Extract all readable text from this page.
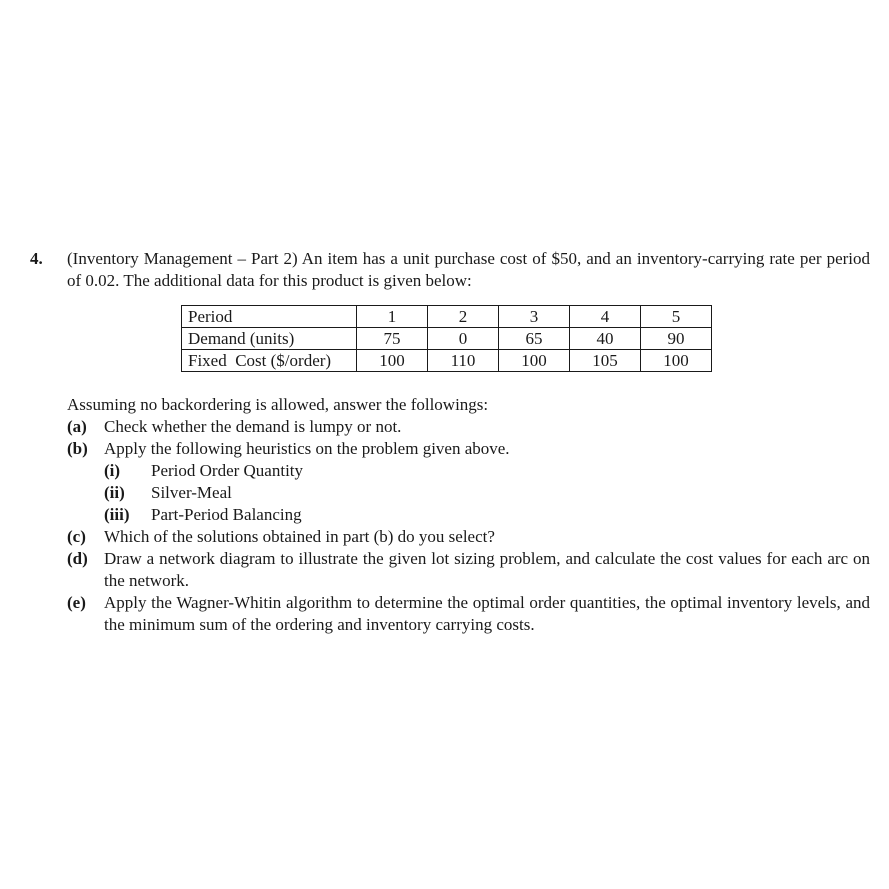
4. (Inventory Management – Part 2) An item has a unit purchase cost of $50, and an inventory-carrying rate per period of 0.02. The additional data for this product is given below:
Period	1	2	3	4	5
Demand (units)	75	0	65	40	90
Fixed  Cost ($/order)	100	110	100	105	100
Assuming no backordering is allowed, answer the followings:
(a) Check whether the demand is lumpy or not.
(b) Apply the following heuristics on the problem given above.
(i) Period Order Quantity
(ii) Silver-Meal
(iii) Part-Period Balancing
(c) Which of the solutions obtained in part (b) do you select?
(d) Draw a network diagram to illustrate the given lot sizing problem, and calculate the cost values for each arc on the network.
(e) Apply the Wagner-Whitin algorithm to determine the optimal order quantities, the optimal inventory levels, and the minimum sum of the ordering and inventory carrying costs.
